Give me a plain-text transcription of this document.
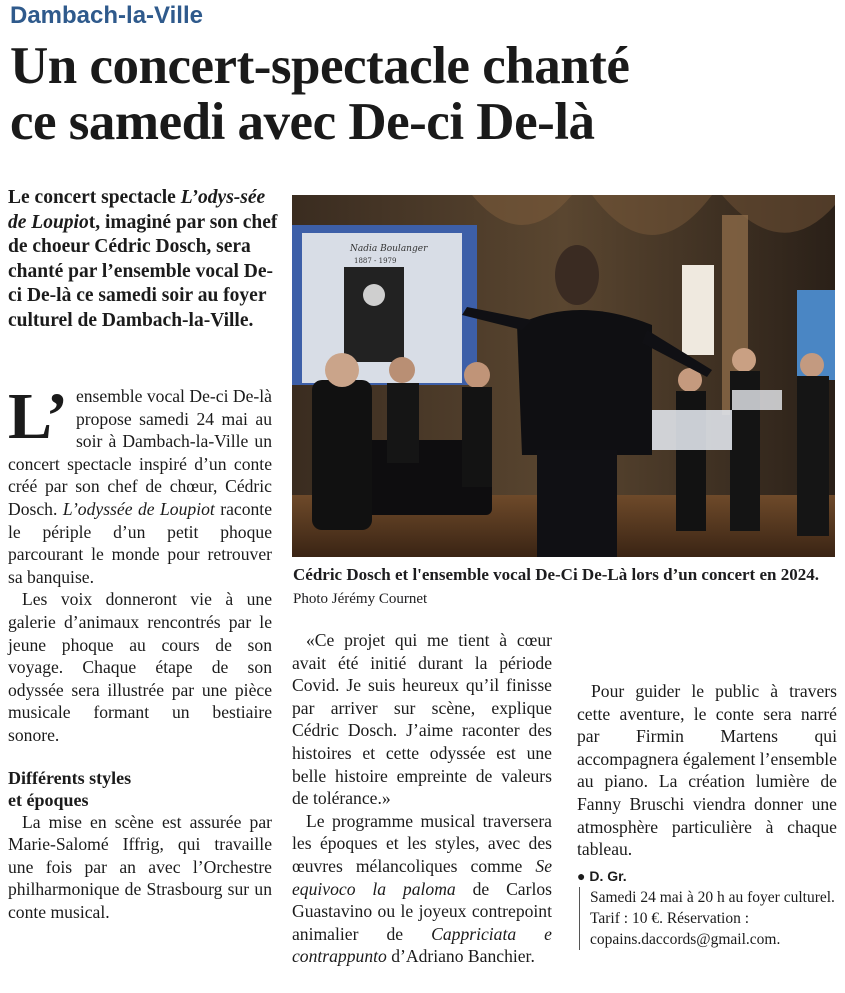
Dambach-la-Ville
Un concert-spectacle chanté
ce samedi avec De-ci De-là
Le concert spectacle L’odys-sée de Loupiot, imaginé par son chef de choeur Cédric Dosch, sera chanté par l’ensemble vocal De-ci De-là ce samedi soir au foyer culturel de Dambach-la-Ville.
Nadia Boulanger
1887 - 1979
Cédric Dosch et l'ensemble vocal De-Ci De-Là lors d’un concert en 2024. Photo Jérémy Cournet

L’ ensemble vocal De-ci De-là propose samedi 24 mai au soir à Dambach-la-Ville un concert spectacle inspiré d’un conte créé par son chef de chœur, Cédric Dosch. L’odyssée de Loupiot raconte le périple d’un petit phoque parcourant le monde pour retrouver sa banquise.

Les voix donneront vie à une galerie d’animaux rencontrés par le jeune phoque au cours de son voyage. Chaque étape de son odyssée sera illustrée par une pièce musicale formant un bestiaire sonore.

Différents styles
et époques

La mise en scène est assurée par Marie-Salomé Iffrig, qui travaille une fois par an avec l’Orchestre philharmonique de Strasbourg sur un conte musical.

«Ce projet qui me tient à cœur avait été initié durant la période Covid. Je suis heureux qu’il finisse par arriver sur scène, explique Cédric Dosch. J’aime raconter des histoires et cette odyssée est une belle histoire empreinte de valeurs de tolérance.»

Le programme musical traversera les époques et les styles, avec des œuvres mélancoliques comme Se equivoco la paloma de Carlos Guastavino ou le joyeux contrepoint animalier de Cappriciata e contrappunto d’Adriano Banchier.

Pour guider le public à travers cette aventure, le conte sera narré par Firmin Martens qui accompagnera également l’ensemble au piano. La création lumière de Fanny Bruschi viendra donner une atmosphère particulière à chaque tableau.

● D. Gr.
Samedi 24 mai à 20 h au foyer culturel. Tarif : 10 €. Réservation : copains.daccords@gmail.com.
